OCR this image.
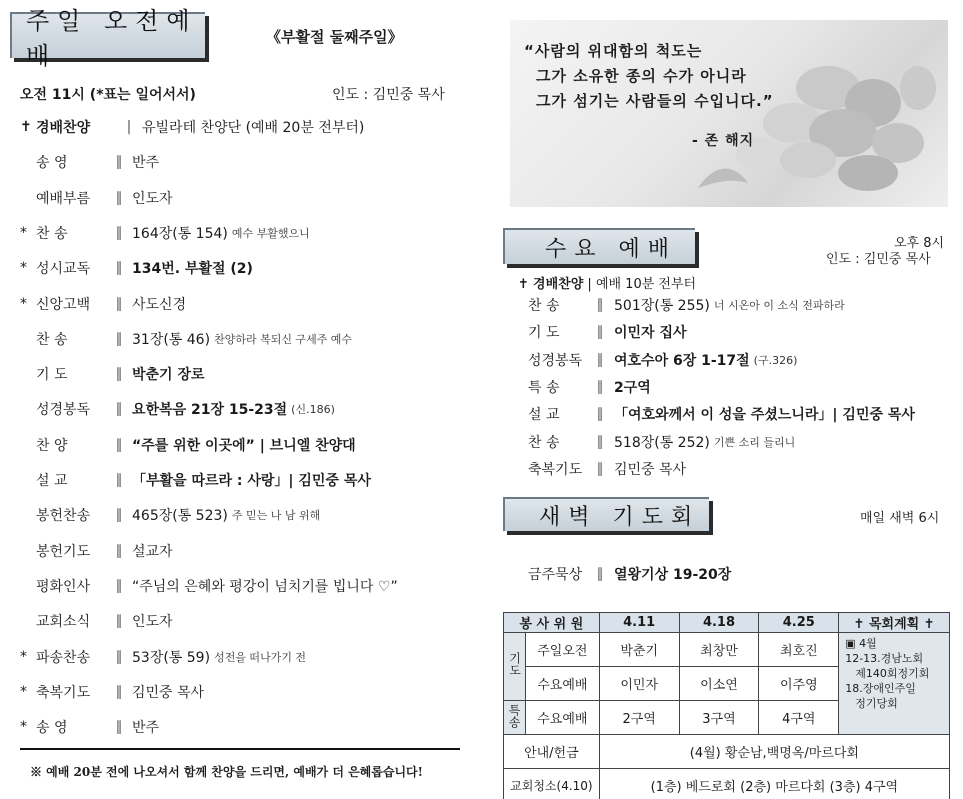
주일 오전예배
《부활절 둘째주일》
오전 11시 (*표는 일어서서)	인도 : 김민중 목사
✝ 경배찬양	| 유빌라테 찬양단 (예배 20분 전부터)
송 영	∥ 반주
예배부름	∥ 인도자
* 찬 송	∥ 164장(통 154) 예수 부활했으니
* 성시교독	∥ 134번. 부활절 (2)
* 신앙고백	∥ 사도신경
찬 송	∥ 31장(통 46) 찬양하라 복되신 구세주 예수
기 도	∥ 박춘기 장로
성경봉독	∥ 요한복음 21장 15-23절 (신.186)
찬 양	∥ “주를 위한 이곳에” | 브니엘 찬양대
설 교	∥ 「부활을 따르라 : 사랑」| 김민중 목사
봉헌찬송	∥ 465장(통 523) 주 믿는 나 남 위해
봉헌기도	∥ 설교자
평화인사	∥ “주님의 은혜와 평강이 넘치기를 빕니다 ♡”
교회소식	∥ 인도자
* 파송찬송	∥ 53장(통 59) 성전을 떠나가기 전
* 축복기도	∥ 김민중 목사
* 송 영	∥ 반주
※ 예배 20분 전에 나오셔서 함께 찬양을 드리면, 예배가 더 은혜롭습니다!
“사람의 위대함의 척도는
그가 소유한 종의 수가 아니라
그가 섬기는 사람들의 수입니다.”
- 존 해지
수요 예배	오후 8시
인도 : 김민중 목사
✝ 경배찬양 | 예배 10분 전부터
찬 송	∥ 501장(통 255) 너 시온아 이 소식 전파하라
기 도	∥ 이민자 집사
성경봉독	∥ 여호수아 6장 1-17절 (구.326)
특 송	∥ 2구역
설 교	∥ 「여호와께서 이 성을 주셨느니라」| 김민중 목사
찬 송	∥ 518장(통 252) 기쁜 소리 들리니
축복기도	∥ 김민중 목사
새벽 기도회	매일 새벽 6시
금주묵상	∥ 열왕기상 19-20장
봉 사 위 원		4.11	4.18	4.25	✝ 목회계획 ✝
기도	주일오전	박춘기	최창만	최호진	▣ 4월
12-13.경남노회
제140회정기회
18.장애인주일
정기당회

	수요예배	이민자	이소연	이주영	
특송	수요예배	2구역	3구역	4구역	
안내/헌금		(4월) 황순남,백명옥/마르다회			
교회청소(4.10)		(1층) 베드로회 (2층) 마르다회 (3층) 4구역			
